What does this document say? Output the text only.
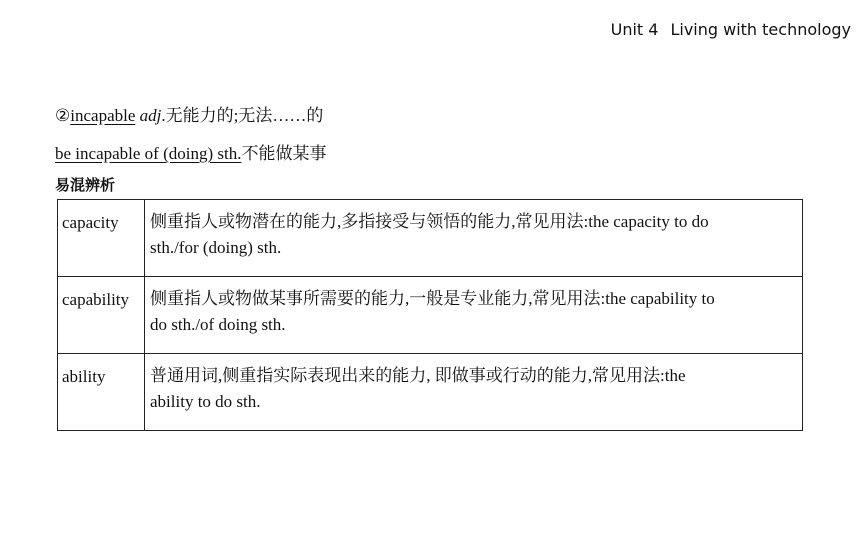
Unit 4 Living with technology
②incapable adj.无能力的;无法……的
be incapable of (doing) sth.不能做某事
易混辨析
capacity	侧重指人或物潜在的能力,多指接受与领悟的能力,常见用法:the capacity to do
sth./for (doing) sth.

capability	侧重指人或物做某事所需要的能力,一般是专业能力,常见用法:the capability to
do sth./of doing sth.

ability	普通用词,侧重指实际表现出来的能力, 即做事或行动的能力,常见用法:the
ability to do sth.
